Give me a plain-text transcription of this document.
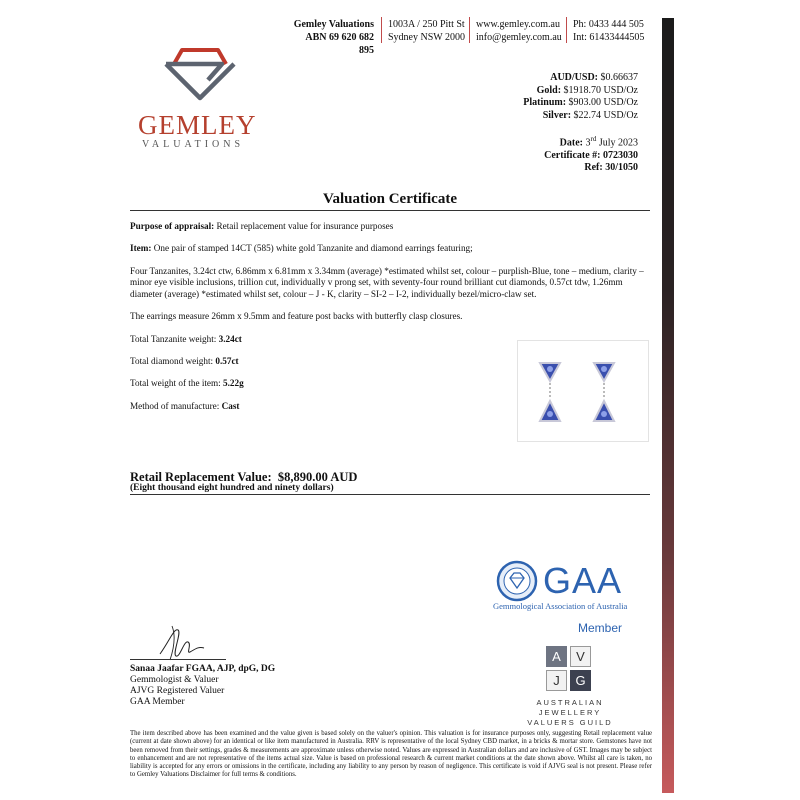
Gemley Valuations
ABN 69 620 682 895
1003A / 250 Pitt St
Sydney NSW 2000
www.gemley.com.au
info@gemley.com.au
Ph: 0433 444 505
Int: 61433444505
GEMLEY
VALUATIONS
AUD/USD: $0.66637
Gold: $1918.70 USD/Oz
Platinum: $903.00 USD/Oz
Silver: $22.74 USD/Oz
Date: 3rd July 2023
Certificate #: 0723030
Ref: 30/1050
Valuation Certificate
Purpose of appraisal: Retail replacement value for insurance purposes
Item: One pair of stamped 14CT (585) white gold Tanzanite and diamond earrings featuring;
Four Tanzanites, 3.24ct ctw, 6.86mm x 6.81mm x 3.34mm (average) *estimated whilst set, colour – purplish-Blue, tone – medium, clarity – minor eye visible inclusions, trillion cut, individually v prong set, with seventy-four round brilliant cut diamonds, 0.57ct tdw, 1.26mm diameter (average) *estimated whilst set, colour – J - K, clarity – SI-2 – I-2, individually bezel/micro-claw set.
The earrings measure 26mm x 9.5mm and feature post backs with butterfly clasp closures.
Total Tanzanite weight: 3.24ct
Total diamond weight: 0.57ct
Total weight of the item: 5.22g
Method of manufacture: Cast
Retail Replacement Value: $8,890.00 AUD
(Eight thousand eight hundred and ninety dollars)
GAA
Gemmological Association of Australia
Member
A	V
J	G
AUSTRALIAN JEWELLERY
VALUERS GUILD
Sanaa Jaafar FGAA, AJP, dpG, DG
Gemmologist & Valuer
AJVG Registered Valuer
GAA Member
The item described above has been examined and the value given is based solely on the valuer's opinion. This valuation is for insurance purposes only, suggesting Retail replacement value (current at date shown above) for an identical or like item manufactured in Australia. RRV is representative of the local Sydney CBD market, in a bricks & mortar store. Gemstones have not been removed from their settings, grades & measurements are approximate unless otherwise noted. Values are expressed in Australian dollars and are inclusive of GST. Images may be subject to enhancement and are not representative of the items actual size. Value is based on professional research & current market conditions at the date shown above. Whilst all care is taken, no liability is accepted for any errors or omissions in the certificate, including any liability to any person by reason of negligence. This certificate is void if AJVG seal is not present. Please refer to Gemley Valuations Disclaimer for full terms & conditions.
